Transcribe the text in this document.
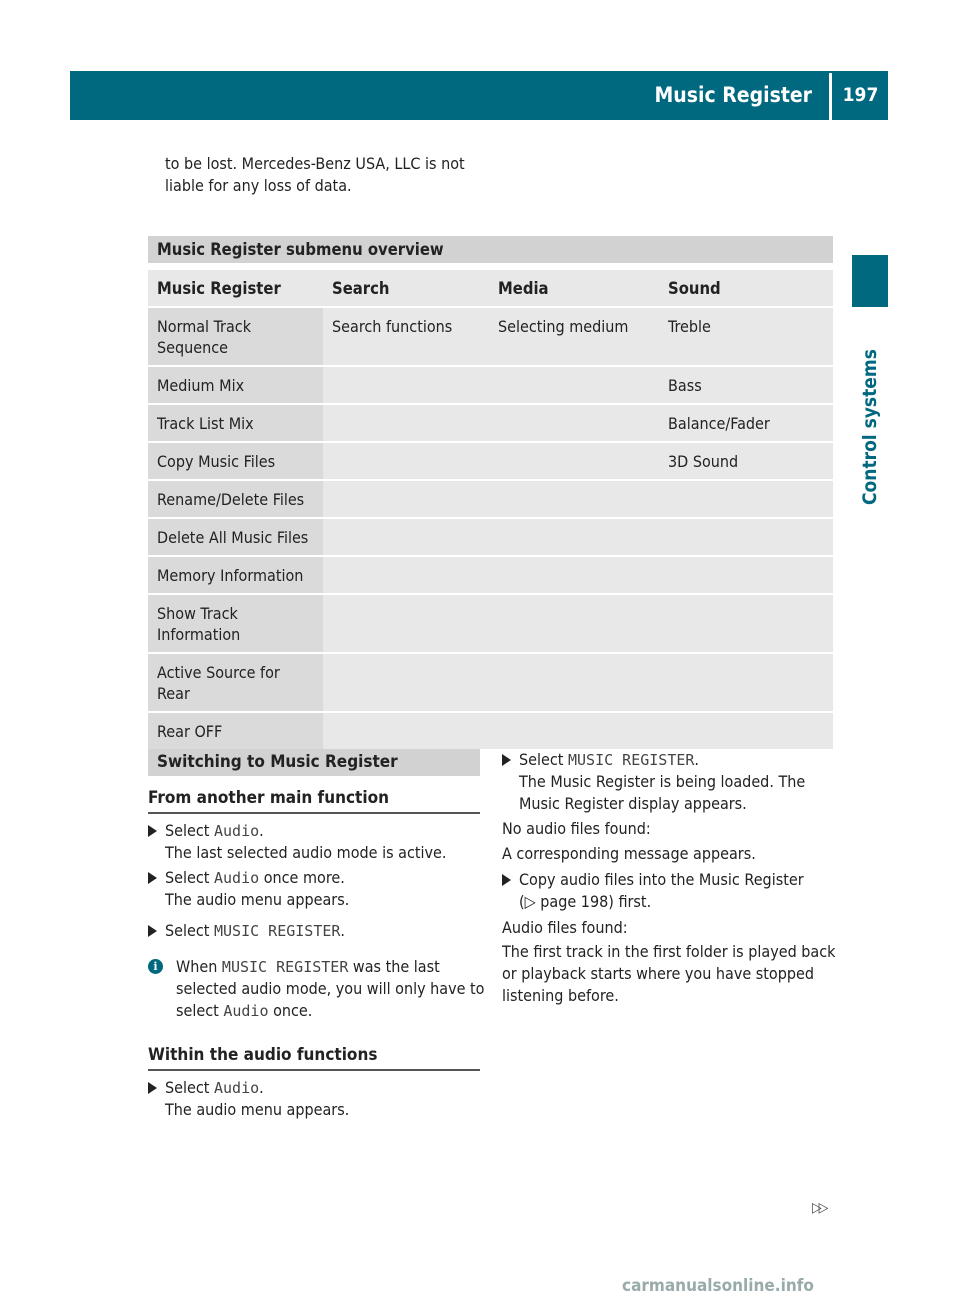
Music Register	197
Control systems
to be lost. Mercedes-Benz USA, LLC is not
liable for any loss of data.
Music Register submenu overview
Music Register	Search	Media	Sound
Normal Track Sequence	Search functions	Selecting medium	Treble
Medium Mix			Bass
Track List Mix			Balance/Fader
Copy Music Files			3D Sound
Rename/Delete Files			
Delete All Music Files			
Memory Information			
Show Track Information			
Active Source for Rear			
Rear OFF			
Switching to Music Register
From another main function
Select Audio.
The last selected audio mode is active.
Select Audio once more.
The audio menu appears.
Select MUSIC REGISTER.
i	When MUSIC REGISTER was the last
selected audio mode, you will only have to
select Audio once.
Within the audio functions
Select Audio.
The audio menu appears.
Select MUSIC REGISTER.
The Music Register is being loaded. The
Music Register display appears.
No audio files found:
A corresponding message appears.
Copy audio files into the Music Register
(▷ page 198) first.
Audio files found:
The first track in the first folder is played back
or playback starts where you have stopped
listening before.
▷▷
carmanualsonline.info
